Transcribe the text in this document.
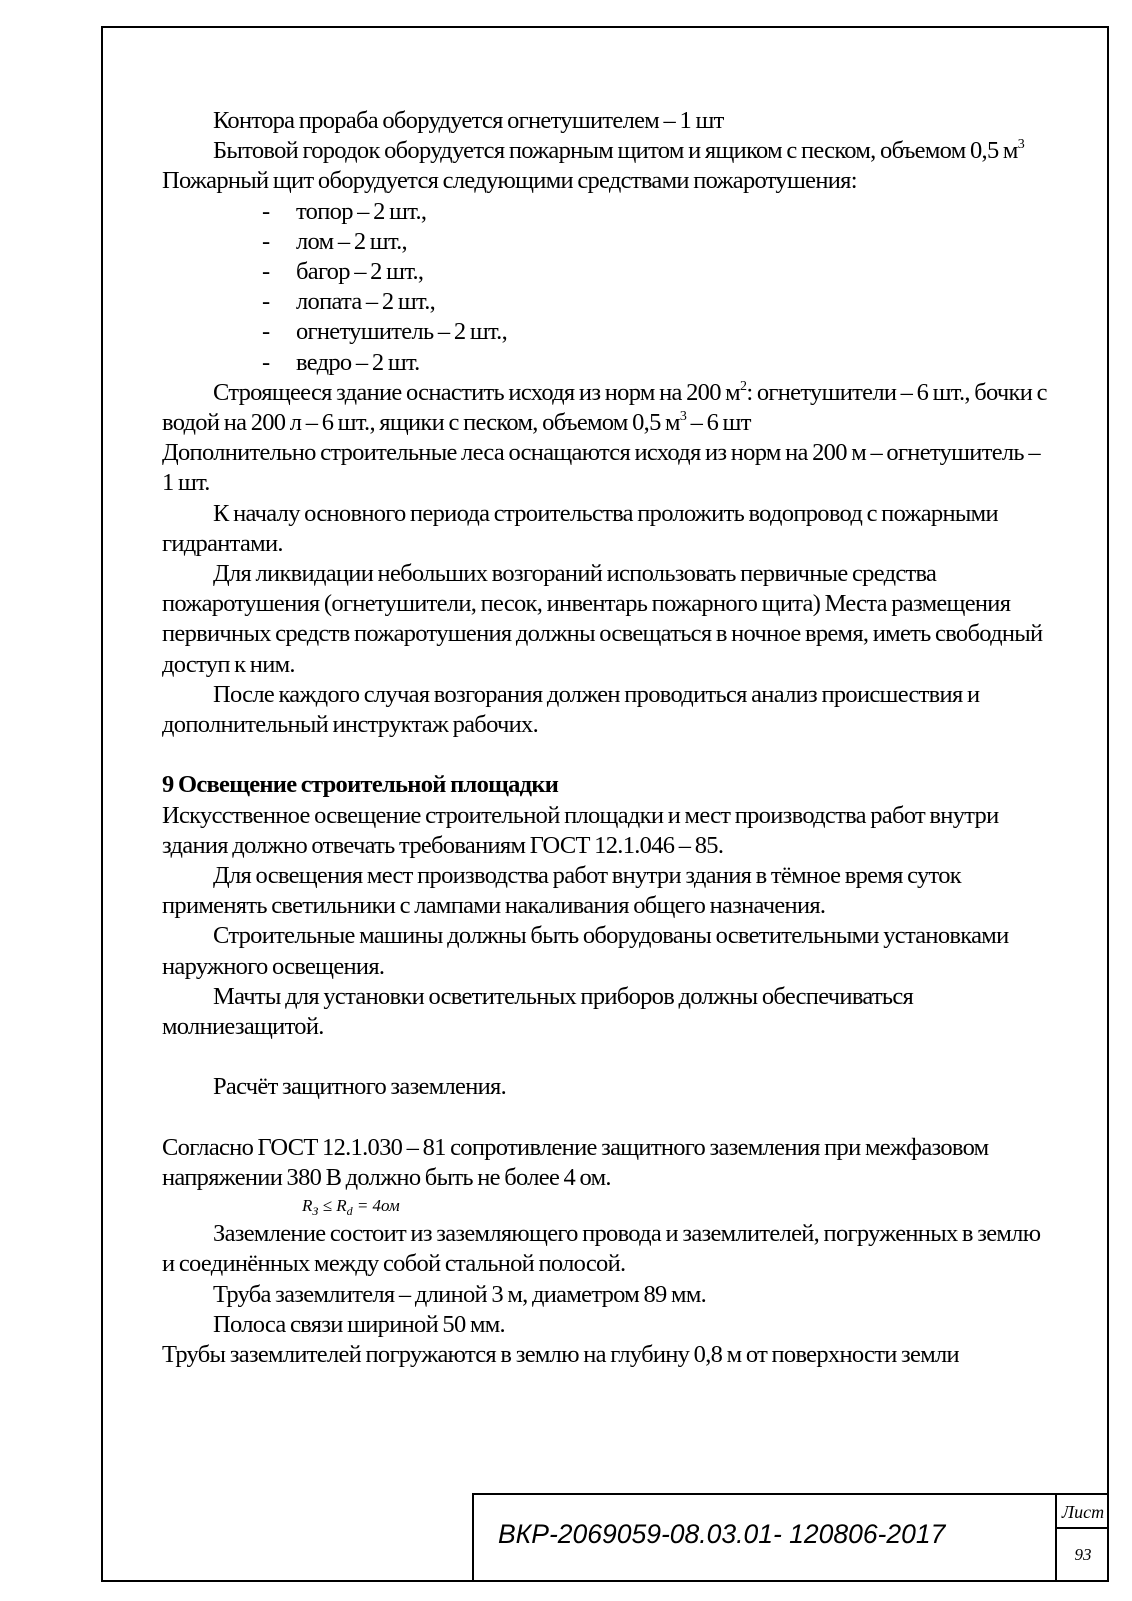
Контора прораба оборудуется огнетушителем – 1 шт

Бытовой городок оборудуется пожарным щитом и ящиком с песком, объемом 0,5 $м^3$ Пожарный щит оборудуется следующими средствами пожаротушения:

- топор – 2 шт.,

- лом – 2 шт.,

- багор – 2 шт.,

- лопата – 2 шт.,

- огнетушитель – 2 шт.,

- ведро – 2 шт.

Строящееся здание оснастить исходя из норм на 200 $м^2$: огнетушители – 6 шт., бочки с водой на 200 л – 6 шт., ящики с песком, объемом 0,5 $м^3 - 6$ шт

Дополнительно строительные леса оснащаются исходя из норм на 200 м – огнетушитель – 1 шт.

К началу основного периода строительства проложить водопровод с пожарными гидрантами.

Для ликвидации небольших возгораний использовать первичные средства пожаротушения (огнетушители, песок, инвентарь пожарного щита) Места размещения первичных средств пожаротушения должны освещаться в ночное время, иметь свободный доступ к ним.

После каждого случая возгорания должен проводиться анализ происшествия и дополнительный инструктаж рабочих.

9 Освещение строительной площадки

Искусственное освещение строительной площадки и мест производства работ внутри здания должно отвечать требованиям ГОСТ 12.1.046 – 85.

Для освещения мест производства работ внутри здания в тёмное время суток применять светильники с лампами накаливания общего назначения.

Строительные машины должны быть оборудованы осветительными установками наружного освещения.

Мачты для установки осветительных приборов должны обеспечиваться молниезащитой.

Расчёт защитного заземления.

Согласно ГОСТ 12.1.030 – 81 сопротивление защитного заземления при межфазовом напряжении 380 В должно быть не более 4 ом.

$R_З \le R_d = 4ом$

Заземление состоит из заземляющего провода и заземлителей, погруженных в землю и соединённых между собой стальной полосой.

Труба заземлителя – длиной 3 м, диаметром 89 мм.

Полоса связи шириной 50 мм.

Трубы заземлителей погружаются в землю на глубину 0,8 м от поверхности земли

ВКР-2069059-08.03.01- 120806-2017
Лист
93
